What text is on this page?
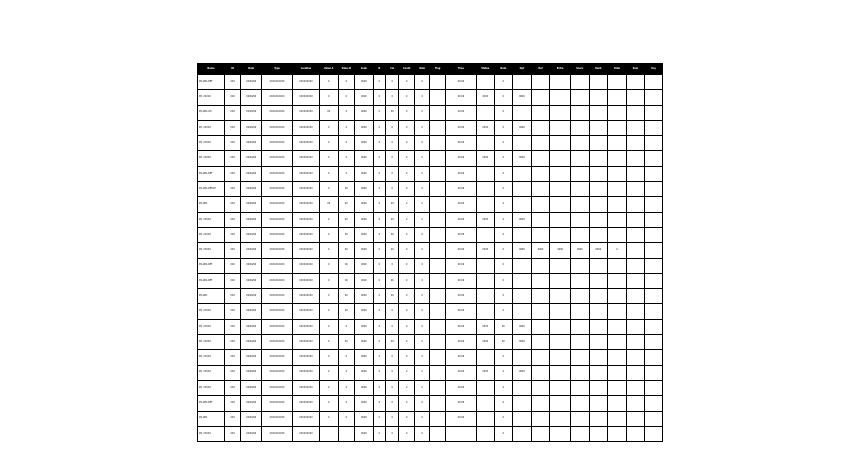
Name	ID	Date	Type	Location	Value A	Value B	Code	N	Col	Count	Rate	Flag	Time	Status	Note	Opt	Ref	Extra	Score	Rank	Total	Sum	Key
PQ.ABC-DEF	XXX	00/00/00	XXXXXXXXXX	XXXXXXXXX	0	0	0000	0	0	0	0		00:00		0								
PQ. XXXXX	XXX	00/00/00	XXXXXXXXXX	XXXXXXXXX	0	0	0000	0	0	0	0		00:00	XXXX	0	0000							
PQ.ABC-GH	XXX	00/00/00	XXXXXXXXXX	XXXXXXXXX	00	0	0000	0	00	0	0		00:00		0								
PQ. XXXXX	XXX	00/00/00	XXXXXXXXXX	XXXXXXXXX	0	0	0000	0	0	0	0		00:00	XXXX	0	0000							
PQ. XXXXX	XXX	00/00/00	XXXXXXXXXX	XXXXXXXXX	0	0	0000	0	0	0	0		00:00		0								
PQ. XXXXX	XXX	00/00/00	XXXXXXXXXX	XXXXXXXXX	0	0	0000	0	0	0	0		00:00	XXXX	0	0000							
PQ.ABC-DEF	XXX	00/00/00	XXXXXXXXXX	XXXXXXXXX	0	0	0000	0	0	0	0		00:00		0								
PQ.ABC-DEFGH	XXX	00/00/00	XXXXXXXXXX	XXXXXXXXX	0	00	0000	0	0	0	0		00:00		0								
PQ.ABC	XXX	00/00/00	XXXXXXXXXX	XXXXXXXXX	00	00	0000	0	00	0	0		00:00		0								
PQ. XXXXX	XXX	00/00/00	XXXXXXXXXX	XXXXXXXXX	0	00	0000	0	00	0	0		00:00	XXXX	0	0000							
PQ. XXXXX	XXX	00/00/00	XXXXXXXXXX	XXXXXXXXX	0	00	0000	0	00	0	0		00:00		0								
PQ. XXXXX	XXX	00/00/00	XXXXXXXXXX	XXXXXXXXX	0	00	0000	0	00	0	0		00:00	XXXX	0	0000	0000	0000	0000	0000	0		
PQ.ABC-DEF	XXX	00/00/00	XXXXXXXXXX	XXXXXXXXX	0	00	0000	0	0	0	0		00:00		0								
PQ.ABC-DEF	XXX	00/00/00	XXXXXXXXXX	XXXXXXXXX	0	00	0000	0	00	0	0		00:00		0								
PQ.ABC	XXX	00/00/00	XXXXXXXXXX	XXXXXXXXX	0	00	0000	0	00	0	0		00:00		0								
PQ. XXXXX	XXX	00/00/00	XXXXXXXXXX	XXXXXXXXX	0	00	0000	0	0	0	0		00:00		0								
PQ. XXXXX	XXX	00/00/00	XXXXXXXXXX	XXXXXXXXX	0	0	0000	0	0	0	0		00:00	XXXX	00	0000							
PQ. XXXXX	XXX	00/00/00	XXXXXXXXXX	XXXXXXXXX	0	00	0000	0	00	0	0		00:00	XXXX	00	0000							
PQ. XXXXX	XXX	00/00/00	XXXXXXXXXX	XXXXXXXXX	0	0	0000	0	0	0	0		00:00		0								
PQ. XXXXX	XXX	00/00/00	XXXXXXXXXX	XXXXXXXXX	0	0	0000	0	0	0	0		00:00	XXXX	0	0000							
PQ. XXXXX	XXX	00/00/00	XXXXXXXXXX	XXXXXXXXX	0	0	0000	0	0	0	0		00:00		0								
PQ.ABC-DEF	XXX	00/00/00	XXXXXXXXXX	XXXXXXXXX	0	0	0000	0	0	0	0		00:00		0								
PQ.ABC	XXX	00/00/00	XXXXXXXXXX	XXXXXXXXX	0	0	0000	0	0	0	0		00:00		0								
PQ. XXXXX	XXX	00/00/00	XXXXXXXXXX	XXXXXXXXX			0000	0	0	0	0				0								
